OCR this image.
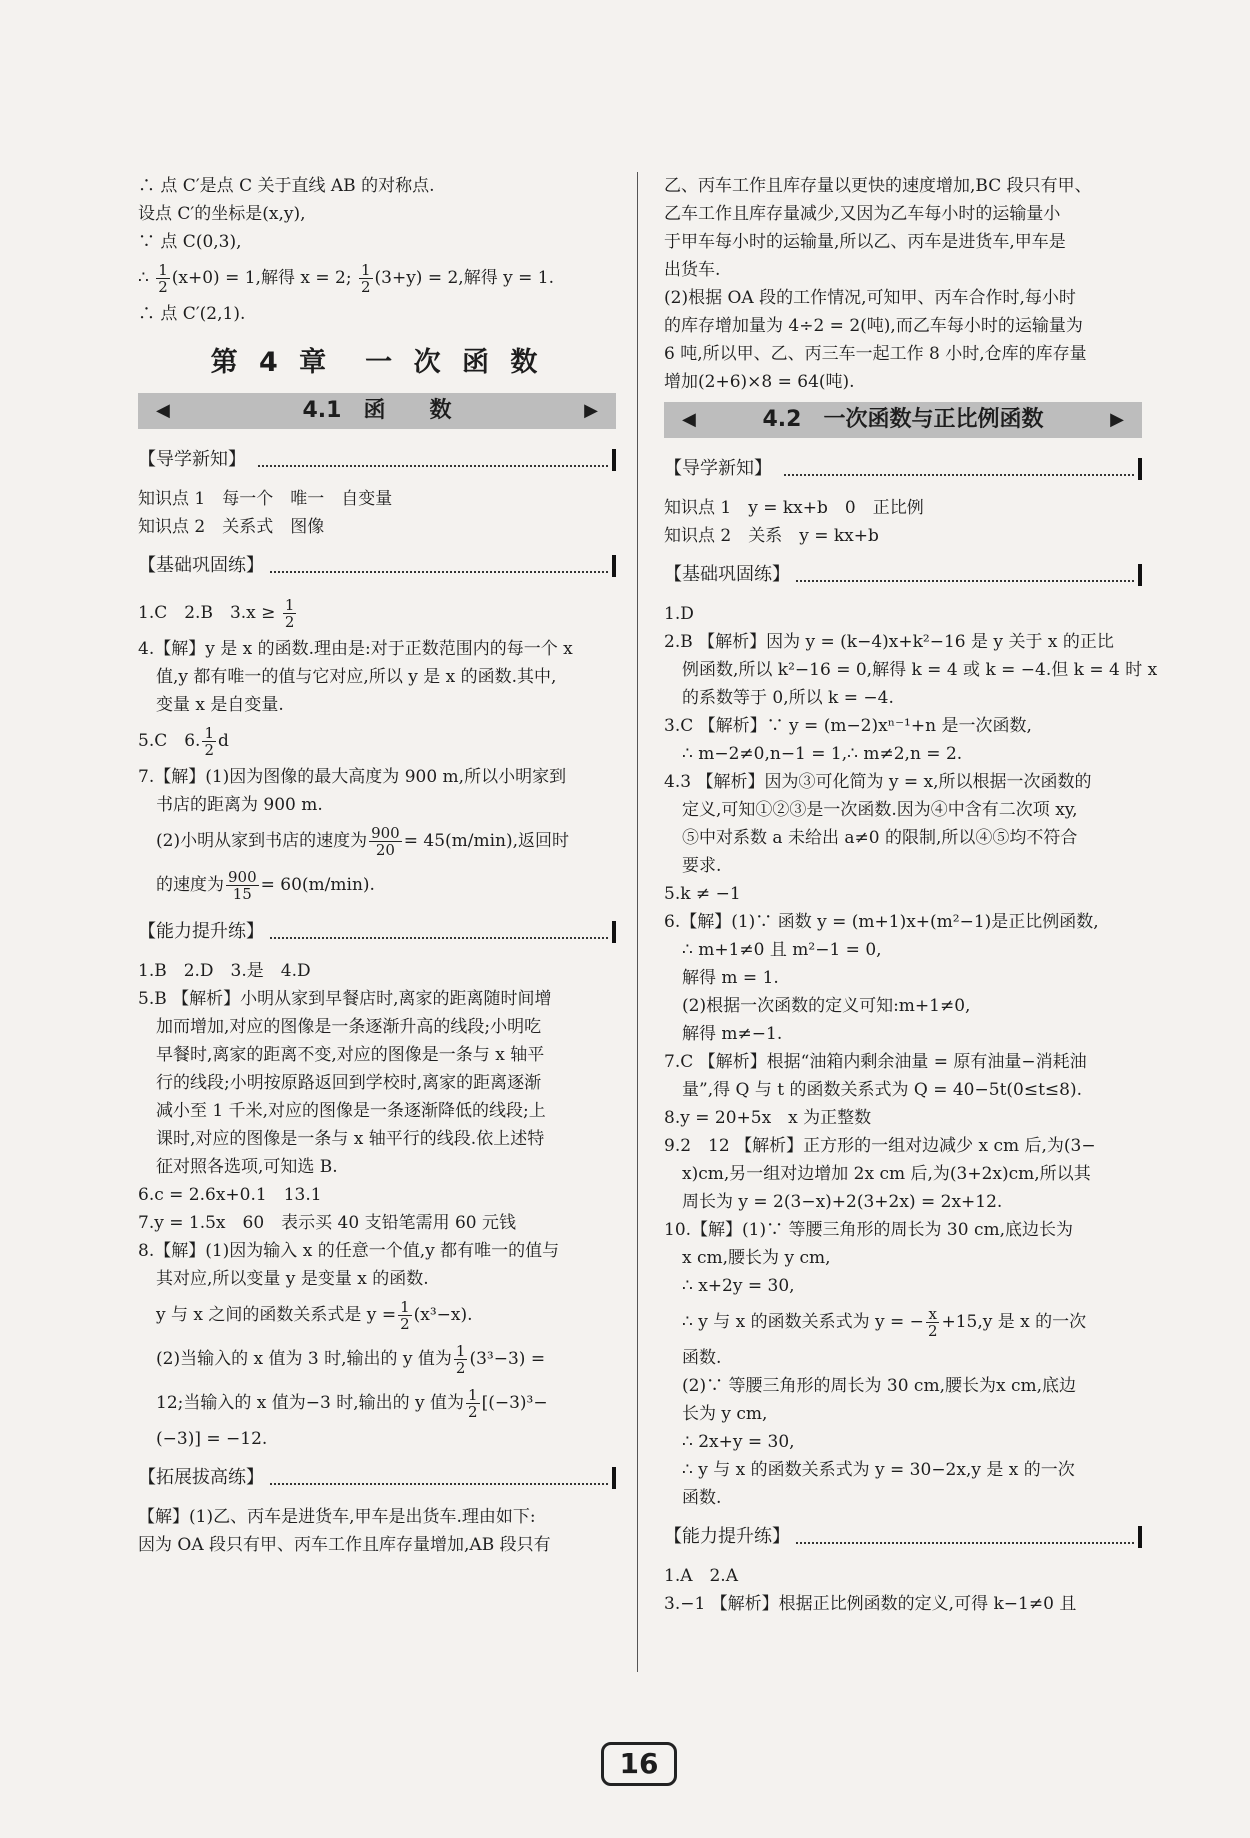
∴ 点 C′是点 C 关于直线 AB 的对称点.

设点 C′的坐标是(x,y),

∵ 点 C(0,3),

∴ $\frac{1}{2} (x+0) = 1$,解得 x = 2; $\frac{1}{2} (3+y) = 2$,解得 y = 1.

∴ 点 C′(2,1).

第 4 章　一 次 函 数
◀	4.1　函　　数	▶
【导学新知】

知识点 1　每一个　唯一　自变量

知识点 2　关系式　图像

【基础巩固练】

1.C　2.B　$3.x \ge \frac{1}{2}$

4.【解】y 是 x 的函数.理由是:对于正数范围内的每一个 x

值,y 都有唯一的值与它对应,所以 y 是 x 的函数.其中,

变量 x 是自变量.

5.C　6. $\frac{1}{2}$ d

7.【解】(1)因为图像的最大高度为 900 m,所以小明家到

书店的距离为 900 m.

(2)小明从家到书店的速度为 $\frac{900}{20} = 45(m/\min)$,返回时

的速度为 $\frac{900}{15} = 60(m/\min)$.

【能力提升练】

1.B　2.D　3.是　4.D

5.B 【解析】小明从家到早餐店时,离家的距离随时间增

加而增加,对应的图像是一条逐渐升高的线段;小明吃

早餐时,离家的距离不变,对应的图像是一条与 x 轴平

行的线段;小明按原路返回到学校时,离家的距离逐渐

减小至 1 千米,对应的图像是一条逐渐降低的线段;上

课时,对应的图像是一条与 x 轴平行的线段.依上述特

征对照各选项,可知选 B.

6.c = 2.6x+0.1　13.1

7.y = 1.5x　60　表示买 40 支铅笔需用 60 元钱

8.【解】(1)因为输入 x 的任意一个值,y 都有唯一的值与

其对应,所以变量 y 是变量 x 的函数.

y 与 x 之间的函数关系式是 $y = \frac{1}{2} (x^3-x)$.

(2)当输入的 x 值为 3 时,输出的 y 值为 $\frac{1}{2} (3^3-3)$ =

12;当输入的 x 值为−3 时,输出的 y 值为 $\frac{1}{2} [(-3)^3-$

(−3)] = −12.

【拓展拔高练】

【解】(1)乙、丙车是进货车,甲车是出货车.理由如下:

因为 OA 段只有甲、丙车工作且库存量增加,AB 段只有

乙、丙车工作且库存量以更快的速度增加,BC 段只有甲、

乙车工作且库存量减少,又因为乙车每小时的运输量小

于甲车每小时的运输量,所以乙、丙车是进货车,甲车是

出货车.

(2)根据 OA 段的工作情况,可知甲、丙车合作时,每小时

的库存增加量为 4÷2 = 2(吨),而乙车每小时的运输量为

6 吨,所以甲、乙、丙三车一起工作 8 小时,仓库的库存量

增加(2+6)×8 = 64(吨).

◀	4.2　一次函数与正比例函数	▶
【导学新知】

知识点 1　y = kx+b　0　正比例

知识点 2　关系　y = kx+b

【基础巩固练】

1.D

2.B 【解析】因为 y = (k−4)x+k²−16 是 y 关于 x 的正比

例函数,所以 k²−16 = 0,解得 k = 4 或 k = −4.但 k = 4 时 x

的系数等于 0,所以 k = −4.

3.C 【解析】∵ y = (m−2)xⁿ⁻¹+n 是一次函数,

∴ m−2≠0,n−1 = 1,∴ m≠2,n = 2.

4.3 【解析】因为③可化简为 y = x,所以根据一次函数的

定义,可知①②③是一次函数.因为④中含有二次项 xy,

⑤中对系数 a 未给出 a≠0 的限制,所以④⑤均不符合

要求.

5.k ≠ −1

6.【解】(1)∵ 函数 y = (m+1)x+(m²−1)是正比例函数,

∴ m+1≠0 且 m²−1 = 0,

解得 m = 1.

(2)根据一次函数的定义可知:m+1≠0,

解得 m≠−1.

7.C 【解析】根据“油箱内剩余油量 = 原有油量−消耗油

量”,得 Q 与 t 的函数关系式为 Q = 40−5t(0≤t≤8).

8.y = 20+5x　x 为正整数

9.2　12 【解析】正方形的一组对边减少 x cm 后,为(3−

x)cm,另一组对边增加 2x cm 后,为(3+2x)cm,所以其

周长为 y = 2(3−x)+2(3+2x) = 2x+12.

10.【解】(1)∵ 等腰三角形的周长为 30 cm,底边长为

x cm,腰长为 y cm,

∴ x+2y = 30,

∴ y 与 x 的函数关系式为 y = − $\frac{x}{2} +15,y$ 是 x 的一次

函数.

(2)∵ 等腰三角形的周长为 30 cm,腰长为x cm,底边

长为 y cm,

∴ 2x+y = 30,

∴ y 与 x 的函数关系式为 y = 30−2x,y 是 x 的一次

函数.

【能力提升练】

1.A　2.A

3.−1 【解析】根据正比例函数的定义,可得 k−1≠0 且

16
